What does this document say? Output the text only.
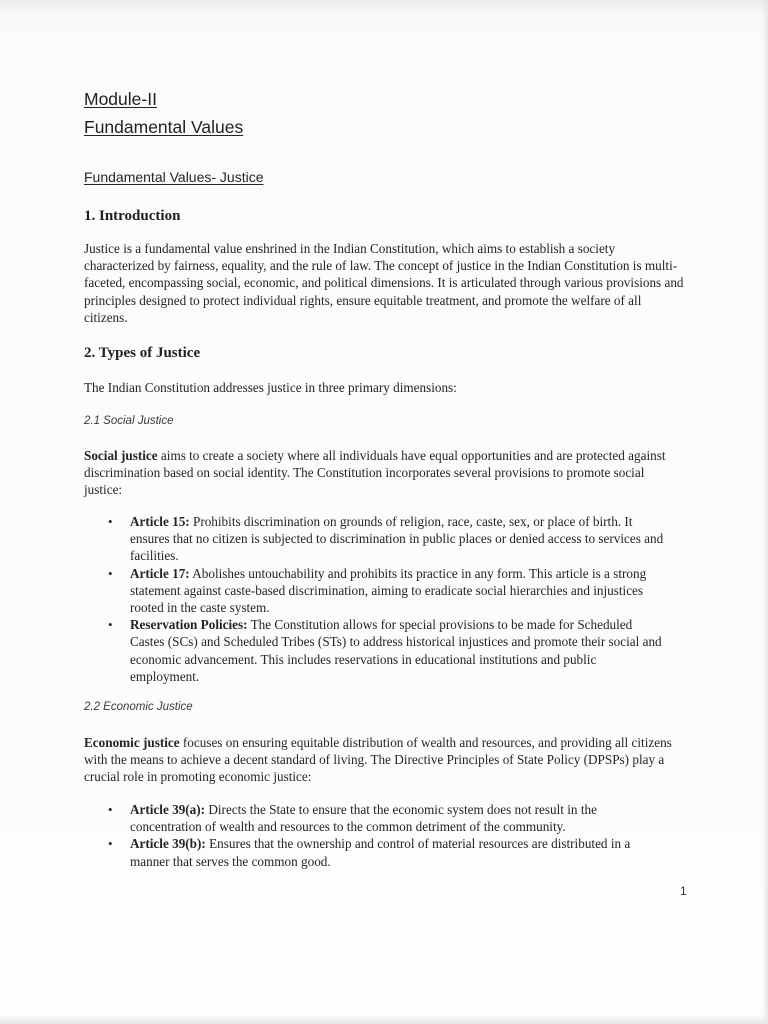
Module-II
Fundamental Values
Fundamental Values- Justice
1. Introduction
Justice is a fundamental value enshrined in the Indian Constitution, which aims to establish a society characterized by fairness, equality, and the rule of law. The concept of justice in the Indian Constitution is multi-faceted, encompassing social, economic, and political dimensions. It is articulated through various provisions and principles designed to protect individual rights, ensure equitable treatment, and promote the welfare of all citizens.
2. Types of Justice
The Indian Constitution addresses justice in three primary dimensions:
2.1 Social Justice
Social justice aims to create a society where all individuals have equal opportunities and are protected against discrimination based on social identity. The Constitution incorporates several provisions to promote social justice:
• Article 15: Prohibits discrimination on grounds of religion, race, caste, sex, or place of birth. It ensures that no citizen is subjected to discrimination in public places or denied access to services and facilities.
• Article 17: Abolishes untouchability and prohibits its practice in any form. This article is a strong statement against caste-based discrimination, aiming to eradicate social hierarchies and injustices rooted in the caste system.
• Reservation Policies: The Constitution allows for special provisions to be made for Scheduled Castes (SCs) and Scheduled Tribes (STs) to address historical injustices and promote their social and economic advancement. This includes reservations in educational institutions and public employment.
2.2 Economic Justice
Economic justice focuses on ensuring equitable distribution of wealth and resources, and providing all citizens with the means to achieve a decent standard of living. The Directive Principles of State Policy (DPSPs) play a crucial role in promoting economic justice:
• Article 39(a): Directs the State to ensure that the economic system does not result in the concentration of wealth and resources to the common detriment of the community.
• Article 39(b): Ensures that the ownership and control of material resources are distributed in a manner that serves the common good.
1
